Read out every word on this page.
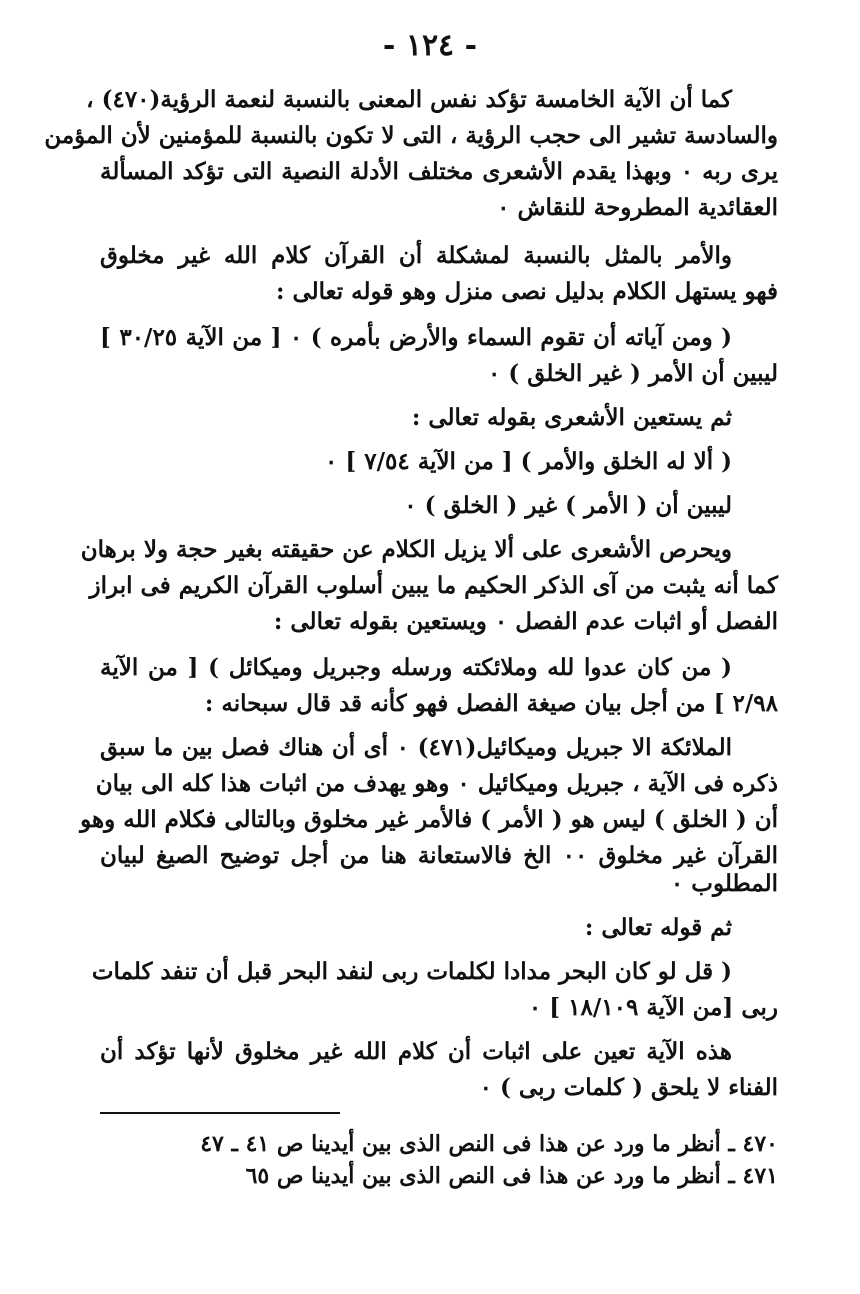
- ١٢٤ -
كما أن الآية الخامسة تؤكد نفس المعنى بالنسبة لنعمة الرؤية(٤٧٠) ،
والسادسة تشير الى حجب الرؤية ، التى لا تكون بالنسبة للمؤمنين لأن المؤمن
يرى ربه ٠ وبهذا يقدم الأشعرى مختلف الأدلة النصية التى تؤكد المسألة
العقائدية المطروحة للنقاش ٠
والأمر بالمثل بالنسبة لمشكلة أن القرآن كلام الله غير مخلوق
فهو يستهل الكلام بدليل نصى منزل وهو قوله تعالى :
( ومن آياته أن تقوم السماء والأرض بأمره ) ٠ [ من الآية ٣٠/٢٥ ]
ليبين أن الأمر ( غير الخلق ) ٠
ثم يستعين الأشعرى بقوله تعالى :
( ألا له الخلق والأمر ) [ من الآية ٧/٥٤ ] ٠
ليبين أن ( الأمر ) غير ( الخلق ) ٠
ويحرص الأشعرى على ألا يزيل الكلام عن حقيقته بغير حجة ولا برهان
كما أنه يثبت من آى الذكر الحكيم ما يبين أسلوب القرآن الكريم فى ابراز
الفصل أو اثبات عدم الفصل ٠ ويستعين بقوله تعالى :
( من كان عدوا لله وملائكته ورسله وجبريل وميكائل ) [ من الآية
٢/٩٨ ] من أجل بيان صيغة الفصل فهو كأنه قد قال سبحانه :
الملائكة الا جبريل وميكائيل(٤٧١) ٠ أى أن هناك فصل بين ما سبق
ذكره فى الآية ، جبريل وميكائيل ٠ وهو يهدف من اثبات هذا كله الى بيان
أن ( الخلق ) ليس هو ( الأمر ) فالأمر غير مخلوق وبالتالى فكلام الله وهو
القرآن غير مخلوق ٠٠ الخ فالاستعانة هنا من أجل توضيح الصيغ لبيان
المطلوب ٠
ثم قوله تعالى :
( قل لو كان البحر مدادا لكلمات ربى لنفد البحر قبل أن تنفد كلمات
ربى [من الآية ١٨/١٠٩ ] ٠
هذه الآية تعين على اثبات أن كلام الله غير مخلوق لأنها تؤكد أن
الفناء لا يلحق ( كلمات ربى ) ٠
٤٧٠ ـ أنظر ما ورد عن هذا فى النص الذى بين أيدينا ص ٤١ ـ ٤٧
٤٧١ ـ أنظر ما ورد عن هذا فى النص الذى بين أيدينا ص ٦٥
